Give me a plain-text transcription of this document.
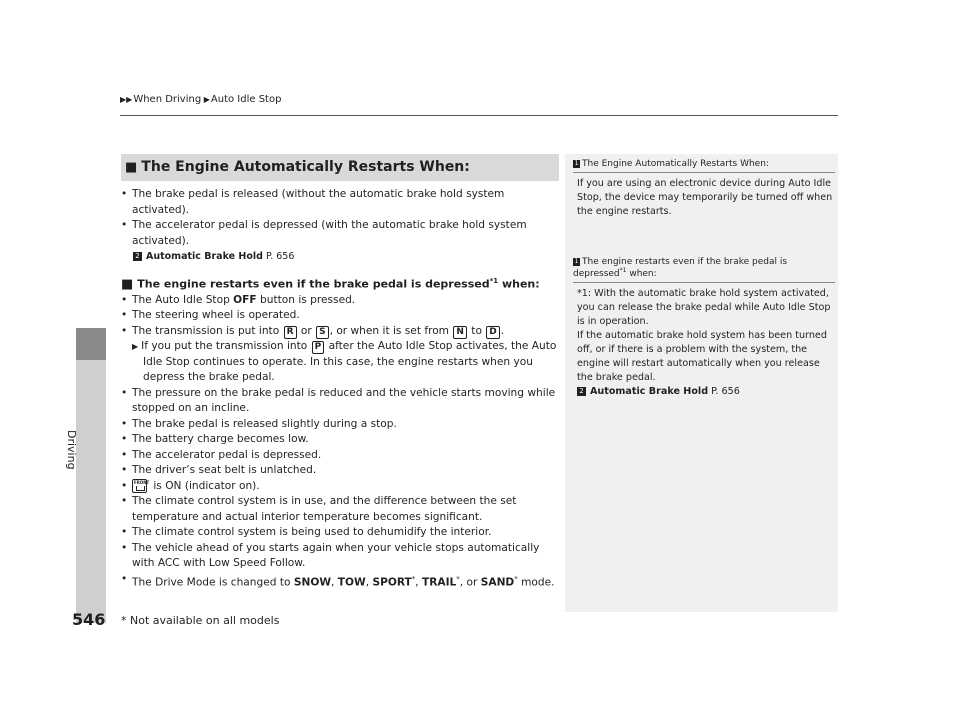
▶▶When Driving ▶Auto Idle Stop
Driving
■ The Engine Automatically Restarts When:
• The brake pedal is released (without the automatic brake hold system activated).
• The accelerator pedal is depressed (with the automatic brake hold system activated).
2 Automatic Brake Hold P. 656
■ The engine restarts even if the brake pedal is depressed$^{*1}$ when:
• The Auto Idle Stop OFF button is pressed.
• The steering wheel is operated.
• The transmission is put into R or S , or when it is set from N to D .
▶ If you put the transmission into P after the Auto Idle Stop activates, the Auto
Idle Stop continues to operate. In this case, the engine restarts when you
depress the brake pedal.
• The pressure on the brake pedal is reduced and the vehicle starts moving while stopped on an incline.
• The brake pedal is released slightly during a stop.
• The battery charge becomes low.
• The accelerator pedal is depressed.
• The driver’s seat belt is unlatched.
• FRONT is ON (indicator on).
• The climate control system is in use, and the difference between the set temperature and actual interior temperature becomes significant.
• The climate control system is being used to dehumidify the interior.
• The vehicle ahead of you starts again when your vehicle stops automatically with ACC with Low Speed Follow.
• The Drive Mode is changed to SNOW, TOW, SPORT*, TRAIL*, or SAND* mode.
1 The Engine Automatically Restarts When:
If you are using an electronic device during Auto Idle Stop, the device may temporarily be turned off when the engine restarts.
1 The engine restarts even if the brake pedal is depressed$^{*1}$ when:
*1: With the automatic brake hold system activated, you can release the brake pedal while Auto Idle Stop is in operation.
If the automatic brake hold system has been turned off, or if there is a problem with the system, the engine will restart automatically when you release the brake pedal.
2 Automatic Brake Hold P. 656
546 * Not available on all models
